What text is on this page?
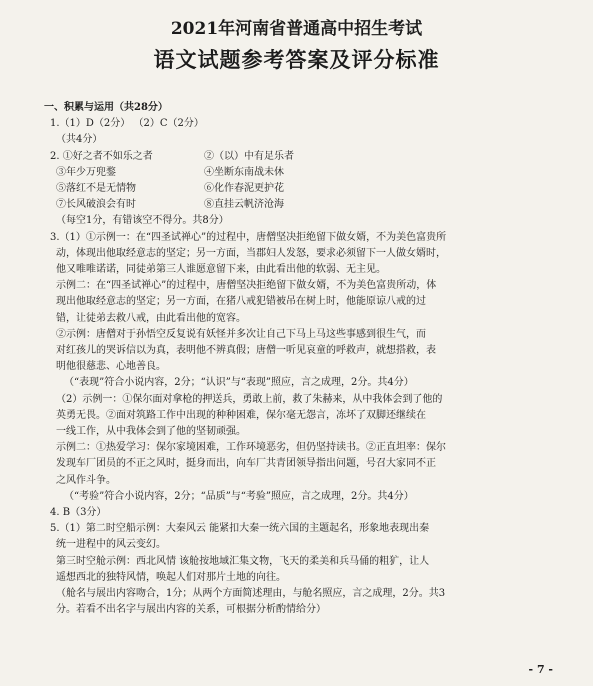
2021年河南省普通高中招生考试
语文试题参考答案及评分标准
一、积累与运用（共28分）
1.（1）D（2分） （2）C（2分）
（共4分）
2. ①好之者不如乐之者	②（以）中有足乐者
③年少万兜鍪	④坐断东南战未休
⑤落红不是无情物	⑥化作春泥更护花
⑦长风破浪会有时	⑧直挂云帆济沧海
（每空1分，有错该空不得分。共8分）
3.（1）①示例一：在“四圣试禅心”的过程中，唐僧坚决拒绝留下做女婿，不为美色富贵所
动，体现出他取经意志的坚定；另一方面，当郡妇人发怒，要求必须留下一人做女婿时，
他又唯唯诺诺，同徒弟第三人谁愿意留下来，由此看出他的软弱、无主见。
示例二：在“四圣试禅心”的过程中，唐僧坚决拒绝留下做女婿，不为美色富贵所动，体
现出他取经意志的坚定；另一方面，在猪八戒犯错被吊在树上时，他能原谅八戒的过
错，让徒弟去救八戒，由此看出他的宽容。
②示例：唐僧对于孙悟空反复说有妖怪并多次让自己下马上马这些事感到很生气，而
对红孩儿的哭诉信以为真，表明他不辨真假；唐僧一听见哀童的呼救声，就想搭救，表
明他很慈悲、心地善良。
（“表现”符合小说内容，2分；“认识”与“表现”照应，言之成理，2分。共4分）
（2）示例一：①保尔面对拿枪的押送兵，勇敢上前，救了朱赫来，从中我体会到了他的
英勇无畏。②面对筑路工作中出现的种种困难，保尔毫无怨言，冻坏了双脚还继续在
一线工作，从中我体会到了他的坚韧顽强。
示例二：①热爱学习：保尔家境困难，工作环境恶劣，但仍坚持读书。②正直坦率：保尔
发现车厂团员的不正之风时，挺身而出，向车厂共青团领导指出问题，号召大家同不正
之风作斗争。
（“考验”符合小说内容，2分；“品质”与“考验”照应，言之成理，2分。共4分）
4. B（3分）
5.（1）第二时空船示例：大秦风云 能紧扣大秦一统六国的主题起名，形象地表现出秦
统一进程中的风云变幻。
第三时空舱示例：西北风情 该舱按地域汇集文物，飞天的柔美和兵马俑的粗犷，让人
遥想西北的独特风情，唤起人们对那片土地的向往。
（舱名与展出内容吻合，1分；从两个方面简述理由，与舱名照应，言之成理，2分。共3
分。若看不出名字与展出内容的关系，可根据分析酌情给分）
- 7 -
